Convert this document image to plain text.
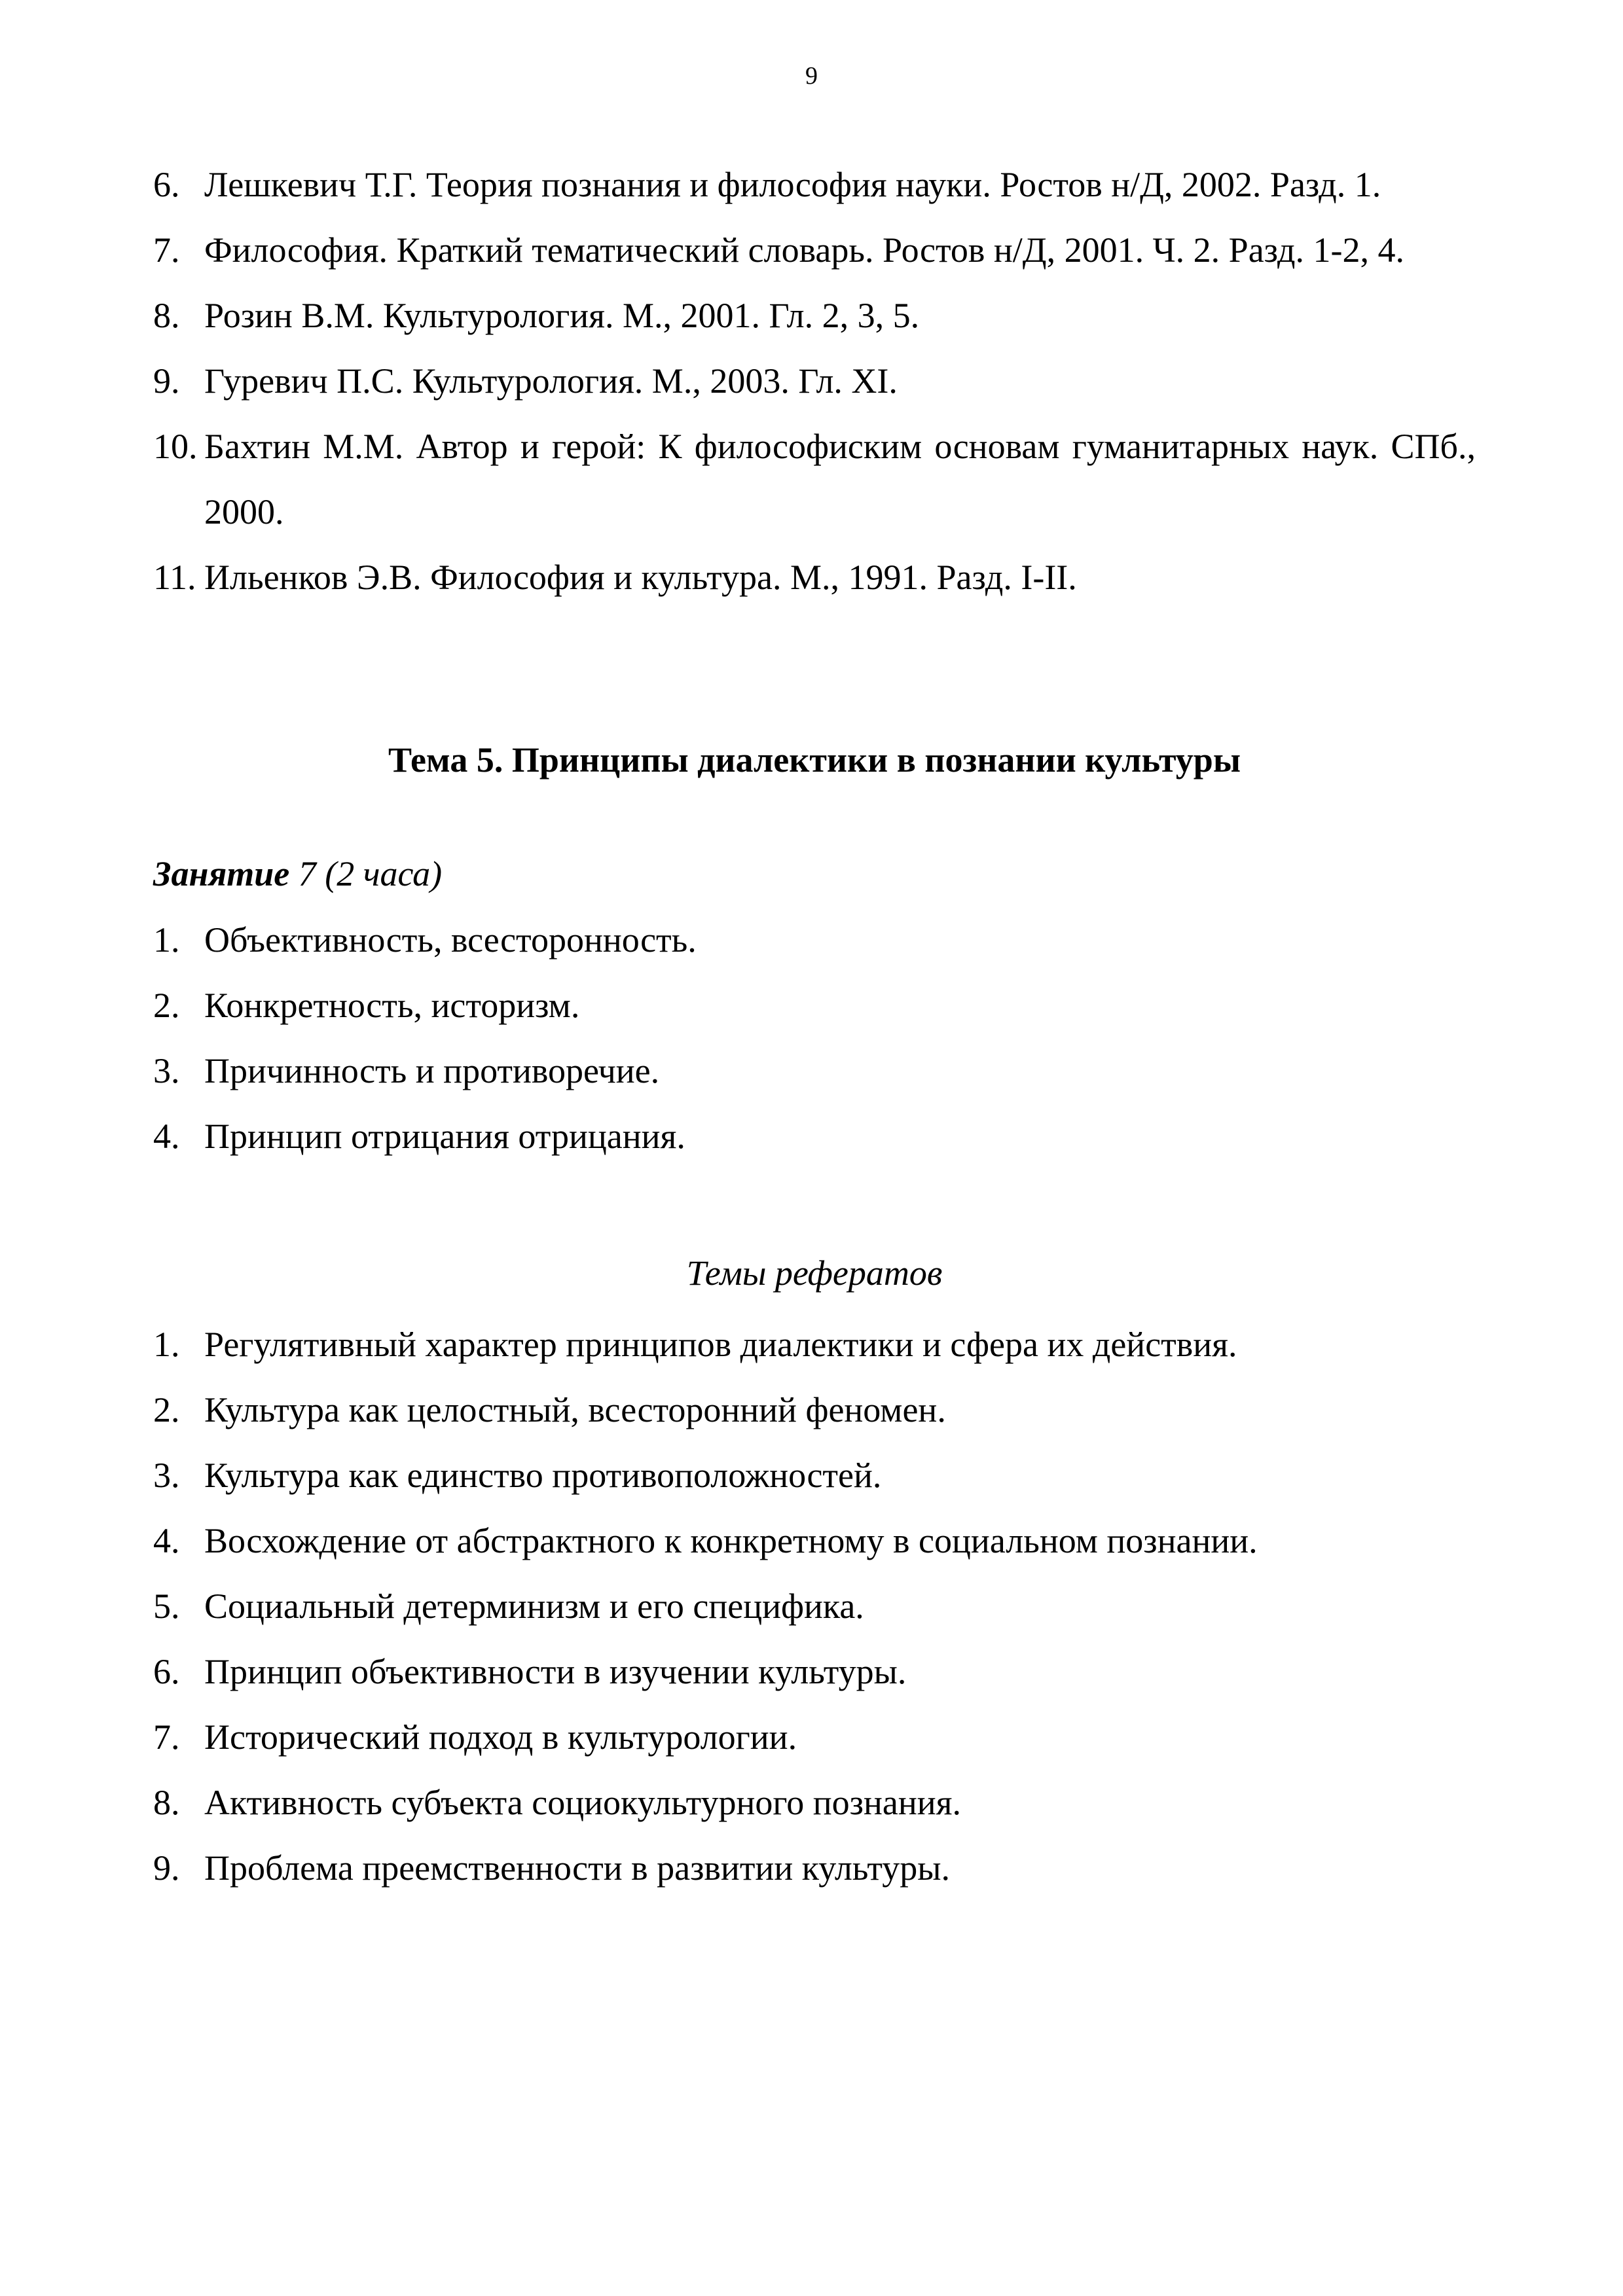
9
6. Лешкевич Т.Г. Теория познания и философия науки. Ростов н/Д, 2002. Разд. 1.
7. Философия. Краткий тематический словарь. Ростов н/Д, 2001. Ч. 2. Разд. 1-2, 4.
8. Розин В.М. Культурология. М., 2001. Гл. 2, 3, 5.
9. Гуревич П.С. Культурология. М., 2003. Гл. XI.
10. Бахтин М.М. Автор и герой: К философиским основам гуманитарных наук. СПб., 2000.
11. Ильенков Э.В. Философия и культура. М., 1991. Разд. I-II.
Тема 5. Принципы диалектики в познании культуры
Занятие 7 (2 часа)
1. Объективность, всесторонность.
2. Конкретность, историзм.
3. Причинность и противоречие.
4. Принцип отрицания отрицания.
Темы рефератов
1. Регулятивный характер принципов диалектики и сфера их действия.
2. Культура как целостный, всесторонний феномен.
3. Культура как единство противоположностей.
4. Восхождение от абстрактного к конкретному в социальном познании.
5. Социальный детерминизм и его специфика.
6. Принцип объективности в изучении культуры.
7. Исторический подход в культурологии.
8. Активность субъекта социокультурного познания.
9. Проблема преемственности в развитии культуры.
